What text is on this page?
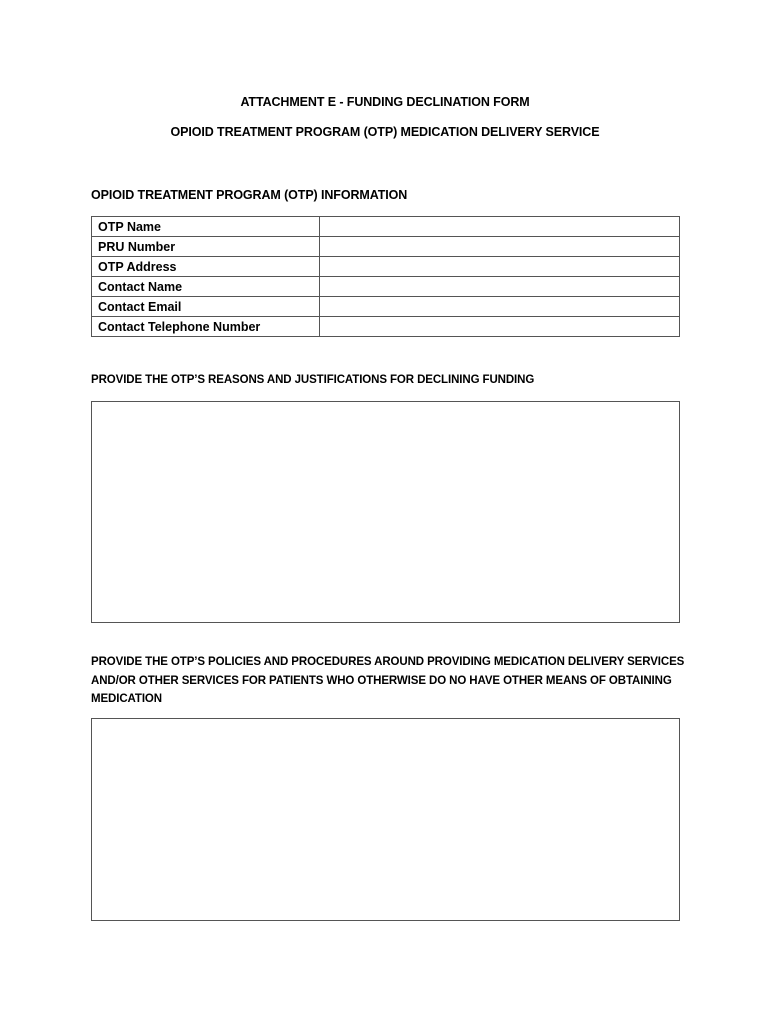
ATTACHMENT E - FUNDING DECLINATION FORM
OPIOID TREATMENT PROGRAM (OTP) MEDICATION DELIVERY SERVICE
OPIOID TREATMENT PROGRAM (OTP) INFORMATION
OTP Name	
PRU Number	
OTP Address	
Contact Name	
Contact Email	
Contact Telephone Number	
PROVIDE THE OTP’S REASONS AND JUSTIFICATIONS FOR DECLINING FUNDING
PROVIDE THE OTP’S POLICIES AND PROCEDURES AROUND PROVIDING MEDICATION DELIVERY SERVICES AND/OR OTHER SERVICES FOR PATIENTS WHO OTHERWISE DO NO HAVE OTHER MEANS OF OBTAINING MEDICATION
